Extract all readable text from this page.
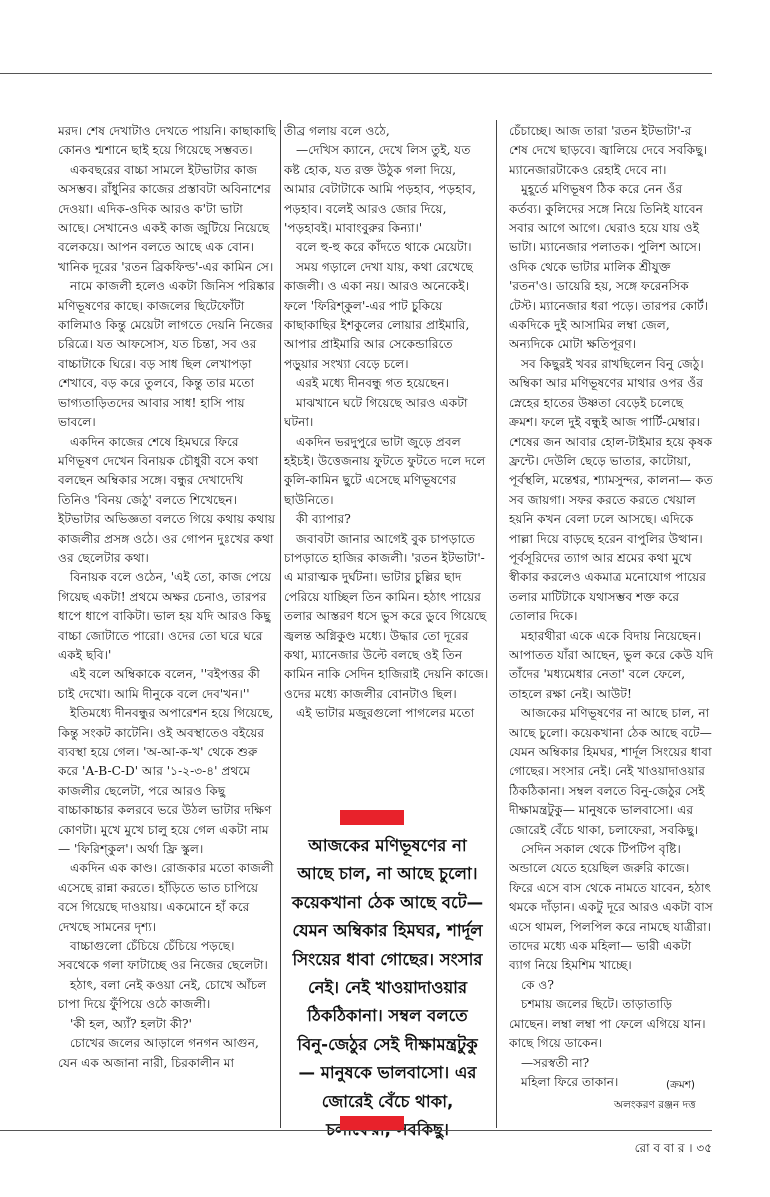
মরদ। শেষ দেখাটাও দেখতে পায়নি। কাছাকাছি কোনও শ্মশানে ছাই হয়ে গিয়েছে সম্ভবত।

একবছরের বাচ্চা সামলে ইটভাটার কাজ অসম্ভব। রাঁধুনির কাজের প্রস্তাবটা অবিনাশের দেওয়া। এদিক-ওদিক আরও ক'টা ভাটা আছে। সেখানেও একই কাজ জুটিয়ে নিয়েছে বলেকয়ে। আপন বলতে আছে এক বোন। খানিক দূরের 'রতন ব্রিকফিল্ড'-এর কামিন সে।

নামে কাজলী হলেও একটা জিনিস পরিষ্কার মণিভূষণের কাছে। কাজলের ছিটেফোঁটা কালিমাও কিন্তু মেয়েটা লাগতে দেয়নি নিজের চরিত্রে। যত আফসোস, যত চিন্তা, সব ওর বাচ্চাটাকে ঘিরে। বড় সাধ ছিল লেখাপড়া শেখাবে, বড় করে তুলবে, কিন্তু তার মতো ভাগ্যতাড়িতদের আবার সাধ! হাসি পায় ভাবলে।

একদিন কাজের শেষে হিমঘরে ফিরে মণিভূষণ দেখেন বিনায়ক চৌধুরী বসে কথা বলছেন অম্বিকার সঙ্গে। বন্ধুর দেখাদেখি তিনিও 'বিনয় জেঠু' বলতে শিখেছেন। ইটভাটার অভিজ্ঞতা বলতে গিয়ে কথায় কথায় কাজলীর প্রসঙ্গ ওঠে। ওর গোপন দুঃখের কথা ওর ছেলেটার কথা।

বিনায়ক বলে ওঠেন, 'এই তো, কাজ পেয়ে গিয়েছ একটা! প্রথমে অক্ষর চেনাও, তারপর ধাপে ধাপে বাকিটা। ভাল হয় যদি আরও কিছু বাচ্চা জোটাতে পারো। ওদের তো ঘরে ঘরে একই ছবি।'

এই বলে অম্বিকাকে বলেন, ''বইপত্তর কী চাই দেখো। আমি দীনুকে বলে দেব'খন।''

ইতিমধ্যে দীনবন্ধুর অপারেশন হয়ে গিয়েছে, কিন্তু সংকট কাটেনি। ওই অবস্থাতেও বইয়ের ব্যবস্থা হয়ে গেল। 'অ-আ-ক-খ' থেকে শুরু করে 'A-B-C-D' আর '১-২-৩-৪' প্রথমে কাজলীর ছেলেটা, পরে আরও কিছু বাচ্চাকাচ্চার কলরবে ভরে উঠল ভাটার দক্ষিণ কোণটা। মুখে মুখে চালু হয়ে গেল একটা নাম— 'ফিরিশ্কুল'। অর্থা ফ্রি স্কুল।

একদিন এক কাণ্ড। রোজকার মতো কাজলী এসেছে রান্না করতে। হাঁড়িতে ভাত চাপিয়ে বসে গিয়েছে দাওয়ায়। একমোনে হাঁ করে দেখছে সামনের দৃশ্য।

বাচ্চাগুলো চেঁচিয়ে চেঁচিয়ে পড়ছে। সবথেকে গলা ফাটাচ্ছে ওর নিজের ছেলেটা।

হঠাৎ, বলা নেই কওয়া নেই, চোখে আঁচল চাপা দিয়ে ফুঁপিয়ে ওঠে কাজলী।

'কী হল, অ্যাঁ? হলটা কী?'

চোখের জলের আড়ালে গনগন আগুন, যেন এক অজানা নারী, চিরকালীন মা

তীব্র গলায় বলে ওঠে,

—দেখিস ক্যানে, দেখে লিস তুই, যত কষ্ট হোক, যত রক্ত উঠুক গলা দিয়ে, আমার বেটাটাকে আমি পড়হাব, পড়হাব, পড়হাব। বলেই আরও জোর দিয়ে, 'পড়হাবই। মাবাংবুরুর কিন্যা।'

বলে হু-হু করে কাঁদতে থাকে মেয়েটা।

সময় গড়ালে দেখা যায়, কথা রেখেছে কাজলী। ও একা নয়। আরও অনেকেই। ফলে 'ফিরিশ্কুল'-এর পাট চুকিয়ে কাছাকাছির ইশকুলের লোয়ার প্রাইমারি, আপার প্রাইমারি আর সেকেন্ডারিতে পড়ুয়ার সংখ্যা বেড়ে চলে।

এরই মধ্যে দীনবন্ধু গত হয়েছেন।

মাঝখানে ঘটে গিয়েছে আরও একটা ঘটনা।

একদিন ভরদুপুরে ভাটা জুড়ে প্রবল হইচই। উত্তেজনায় ফুটতে ফুটতে দলে দলে কুলি-কামিন ছুটে এসেছে মণিভূষণের ছাউনিতে।

কী ব্যাপার?

জবাবটা জানার আগেই বুক চাপড়াতে চাপড়াতে হাজির কাজলী। 'রতন ইটভাটা'-এ মারাত্মক দুর্ঘটনা। ভাটার চুল্লির ছাদ পেরিয়ে যাচ্ছিল তিন কামিন। হঠাৎ পায়ের তলার আস্তরণ ধসে ভুস করে ডুবে গিয়েছে জ্বলন্ত অগ্নিকুণ্ড মধ্যে। উদ্ধার তো দূরের কথা, ম্যানেজার উল্টে বলছে ওই তিন কামিন নাকি সেদিন হাজিরাই দেয়নি কাজে। ওদের মধ্যে কাজলীর বোনটাও ছিল।

এই ভাটার মজুরগুলো পাগলের মতো

চেঁচাচ্ছে। আজ তারা 'রতন ইটভাটা'-র শেষ দেখে ছাড়বে। জ্বালিয়ে দেবে সবকিছু। ম্যানেজারটাকেও রেহাই দেবে না।

মুহূর্তে মণিভূষণ ঠিক করে নেন ওঁর কর্তব্য। কুলিদের সঙ্গে নিয়ে তিনিই যাবেন সবার আগে আগে। ঘেরাও হয়ে যায় ওই ভাটা। ম্যানেজার পলাতক। পুলিশ আসে। ওদিক থেকে ভাটার মালিক শ্রীযুক্ত 'রতন'ও। ডায়েরি হয়, সঙ্গে ফরেনসিক টেস্ট। ম্যানেজার ধরা পড়ে। তারপর কোর্ট। একদিকে দুই আসামির লম্বা জেল, অন্যদিকে মোটা ক্ষতিপূরণ।

সব কিছুরই খবর রাখছিলেন বিনু জেঠু। অম্বিকা আর মণিভূষণের মাথার ওপর ওঁর স্নেহের হাতের উষ্ণতা বেড়েই চলেছে ক্রমশ। ফলে দুই বন্ধুই আজ পার্টি-মেম্বার। শেষের জন আবার হোল-টাইমার হয়ে কৃষক ফ্রন্টে। দেউলি ছেড়ে ভাতার, কাটোয়া, পূর্বস্থলি, মন্তেশ্বর, শ্যামসুন্দর, কালনা— কত সব জায়গা। সফর করতে করতে খেয়াল হয়নি কখন বেলা ঢলে আসছে। এদিকে পাল্লা দিয়ে বাড়ছে হরেন বাপুলির উত্থান।

পূর্বসূরিদের ত্যাগ আর শ্রমের কথা মুখে স্বীকার করলেও একমাত্র মনোযোগ পায়ের তলার মাটিটাকে যথাসম্ভব শক্ত করে তোলার দিকে।

মহারথীরা একে একে বিদায় নিয়েছেন। আপাতত যাঁরা আছেন, ভুল করে কেউ যদি তাঁদের 'মধ্যমেধার নেতা' বলে ফেলে, তাহলে রক্ষা নেই। আউট!

আজকের মণিভূষণের না আছে চাল, না আছে চুলো। কয়েকখানা ঠেক আছে বটে— যেমন অম্বিকার হিমঘর, শার্দূল সিংয়ের ধাবা গোছের। সংসার নেই। নেই খাওয়াদাওয়ার ঠিকঠিকানা। সম্বল বলতে বিনু-জেঠুর সেই দীক্ষামন্ত্রটুকু— মানুষকে ভালবাসো। এর জোরেই বেঁচে থাকা, চলাফেরা, সবকিছু।

সেদিন সকাল থেকে টিপটিপ বৃষ্টি। অন্ডালে যেতে হয়েছিল জরুরি কাজে। ফিরে এসে বাস থেকে নামতে যাবেন, হঠাৎ থমকে দাঁড়ান। একটু দূরে আরও একটা বাস এসে থামল, পিলপিল করে নামছে যাত্রীরা। তাদের মধ্যে এক মহিলা— ভারী একটা ব্যাগ নিয়ে হিমশিম খাচ্ছে।

কে ও?

চশমায় জলের ছিটে। তাড়াতাড়ি মোছেন। লম্বা লম্বা পা ফেলে এগিয়ে যান। কাছে গিয়ে ডাকেন।

—সরস্বতী না?

মহিলা ফিরে তাকান।

আজকের মণিভূষণের না আছে চাল, না আছে চুলো। কয়েকখানা ঠেক আছে বটে— যেমন অম্বিকার হিমঘর, শার্দূল সিংয়ের ধাবা গোছের। সংসার নেই। নেই খাওয়াদাওয়ার ঠিকঠিকানা। সম্বল বলতে বিনু-জেঠুর সেই দীক্ষামন্ত্রটুকু— মানুষকে ভালবাসো। এর জোরেই বেঁচে থাকা, সবকিছু।
(ক্রমশ)
অলংকরণ রঞ্জন দত্ত
রো ব বা র । ৩৫
